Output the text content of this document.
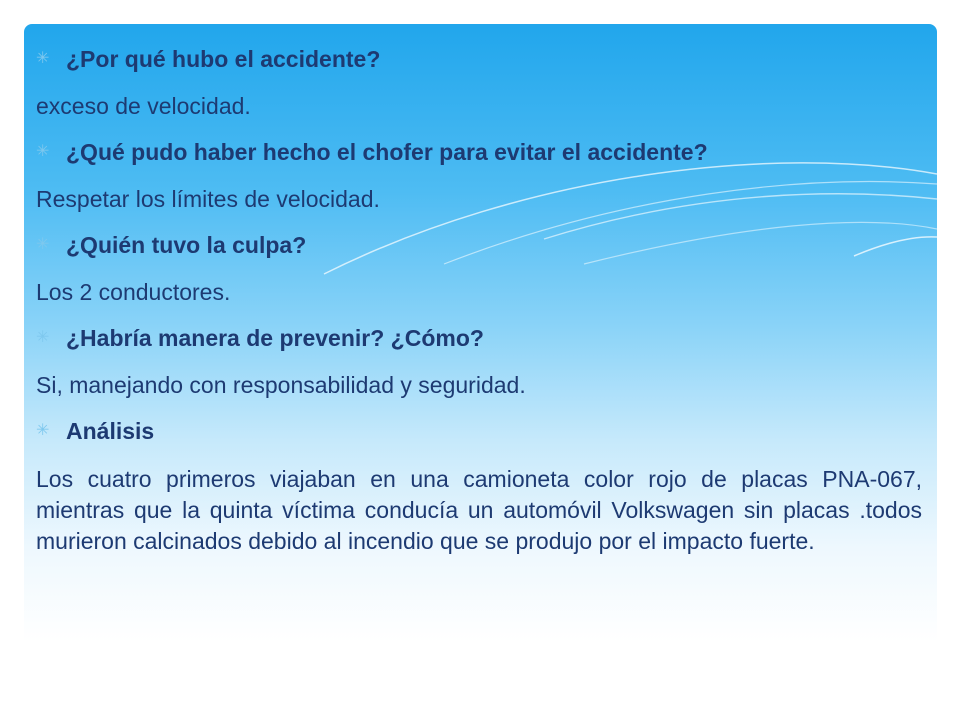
✳ ¿Por qué hubo el accidente?
exceso de velocidad.
✳ ¿Qué pudo haber hecho el chofer para evitar el accidente?
Respetar los límites de velocidad.
✳ ¿Quién tuvo la culpa?
Los 2 conductores.
✳ ¿Habría manera de prevenir? ¿Cómo?
Si, manejando con responsabilidad y seguridad.
✳ Análisis

Los cuatro primeros viajaban en una camioneta color rojo de placas PNA-067, mientras que la quinta víctima conducía un automóvil Volkswagen sin placas .todos murieron calcinados debido al incendio que se produjo por el impacto fuerte.
